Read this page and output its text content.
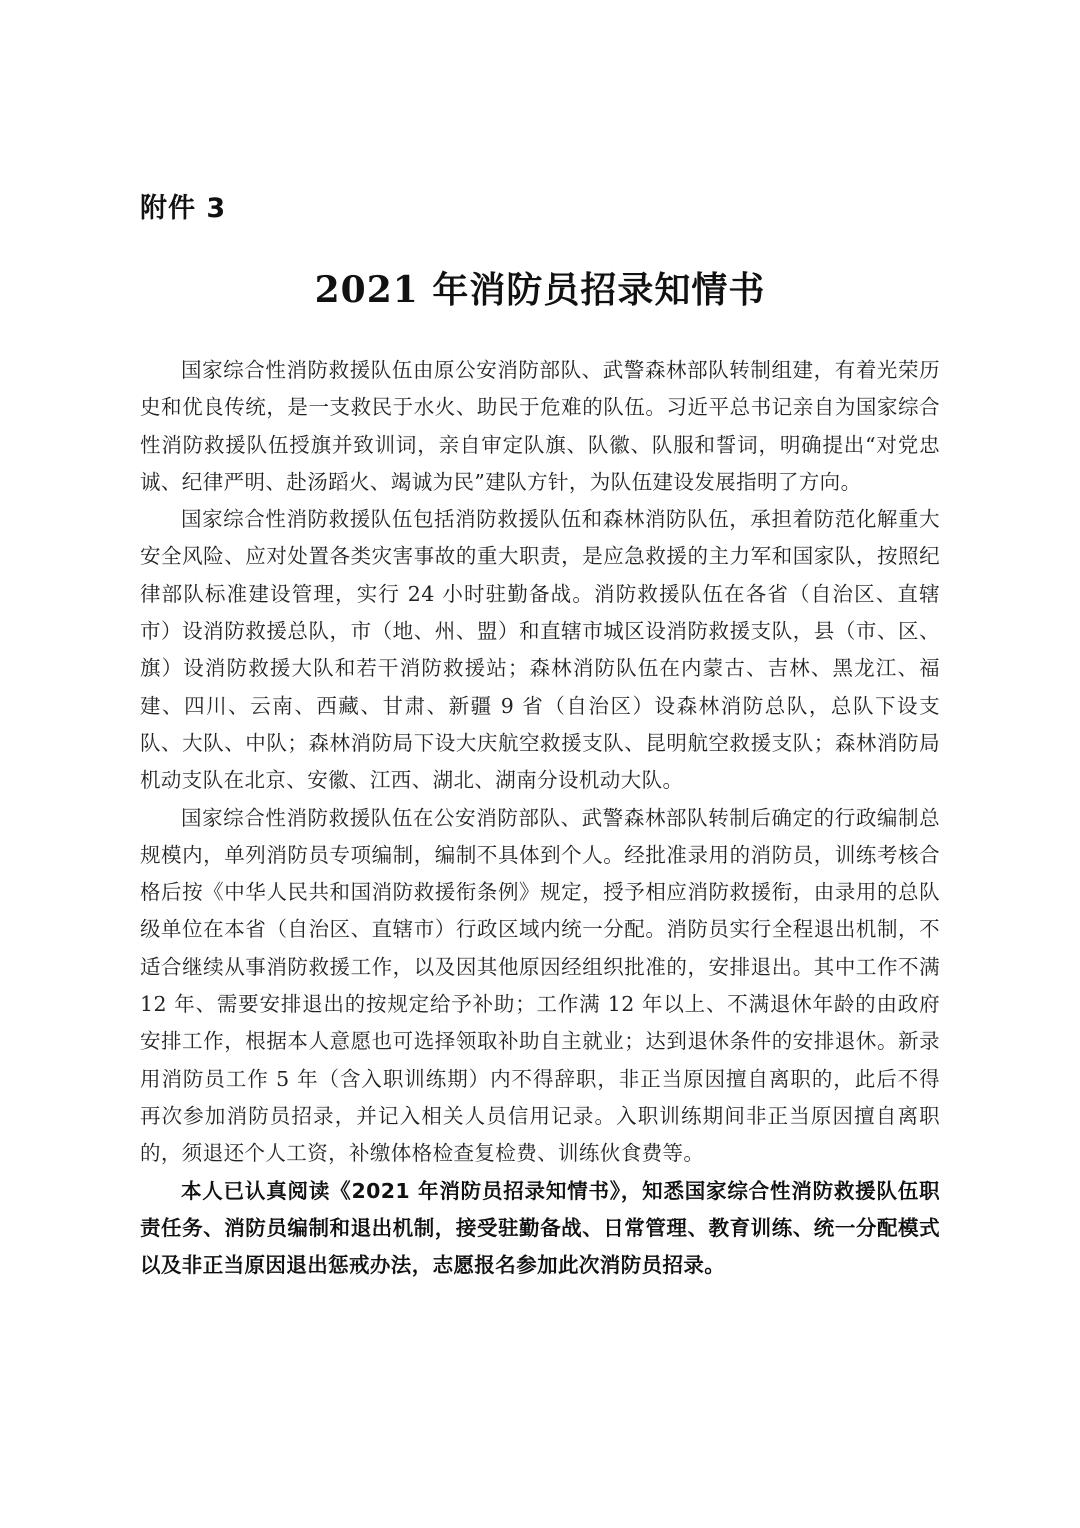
附件 3
2021 年消防员招录知情书

国家综合性消防救援队伍由原公安消防部队、武警森林部队转制组建，有着光荣历史和优良传统，是一支救民于水火、助民于危难的队伍。习近平总书记亲自为国家综合性消防救援队伍授旗并致训词，亲自审定队旗、队徽、队服和誓词，明确提出“对党忠诚、纪律严明、赴汤蹈火、竭诚为民”建队方针，为队伍建设发展指明了方向。

国家综合性消防救援队伍包括消防救援队伍和森林消防队伍，承担着防范化解重大安全风险、应对处置各类灾害事故的重大职责，是应急救援的主力军和国家队，按照纪律部队标准建设管理，实行 24 小时驻勤备战。消防救援队伍在各省（自治区、直辖市）设消防救援总队，市（地、州、盟）和直辖市城区设消防救援支队，县（市、区、旗）设消防救援大队和若干消防救援站；森林消防队伍在内蒙古、吉林、黑龙江、福建、四川、云南、西藏、甘肃、新疆 9 省（自治区）设森林消防总队，总队下设支队、大队、中队；森林消防局下设大庆航空救援支队、昆明航空救援支队；森林消防局机动支队在北京、安徽、江西、湖北、湖南分设机动大队。

国家综合性消防救援队伍在公安消防部队、武警森林部队转制后确定的行政编制总规模内，单列消防员专项编制，编制不具体到个人。经批准录用的消防员，训练考核合格后按《中华人民共和国消防救援衔条例》规定，授予相应消防救援衔，由录用的总队级单位在本省（自治区、直辖市）行政区域内统一分配。消防员实行全程退出机制，不适合继续从事消防救援工作，以及因其他原因经组织批准的，安排退出。其中工作不满 12 年、需要安排退出的按规定给予补助；工作满 12 年以上、不满退休年龄的由政府安排工作，根据本人意愿也可选择领取补助自主就业；达到退休条件的安排退休。新录用消防员工作 5 年（含入职训练期）内不得辞职，非正当原因擅自离职的，此后不得再次参加消防员招录，并记入相关人员信用记录。入职训练期间非正当原因擅自离职的，须退还个人工资，补缴体格检查复检费、训练伙食费等。

本人已认真阅读《2021 年消防员招录知情书》，知悉国家综合性消防救援队伍职责任务、消防员编制和退出机制，接受驻勤备战、日常管理、教育训练、统一分配模式以及非正当原因退出惩戒办法，志愿报名参加此次消防员招录。
